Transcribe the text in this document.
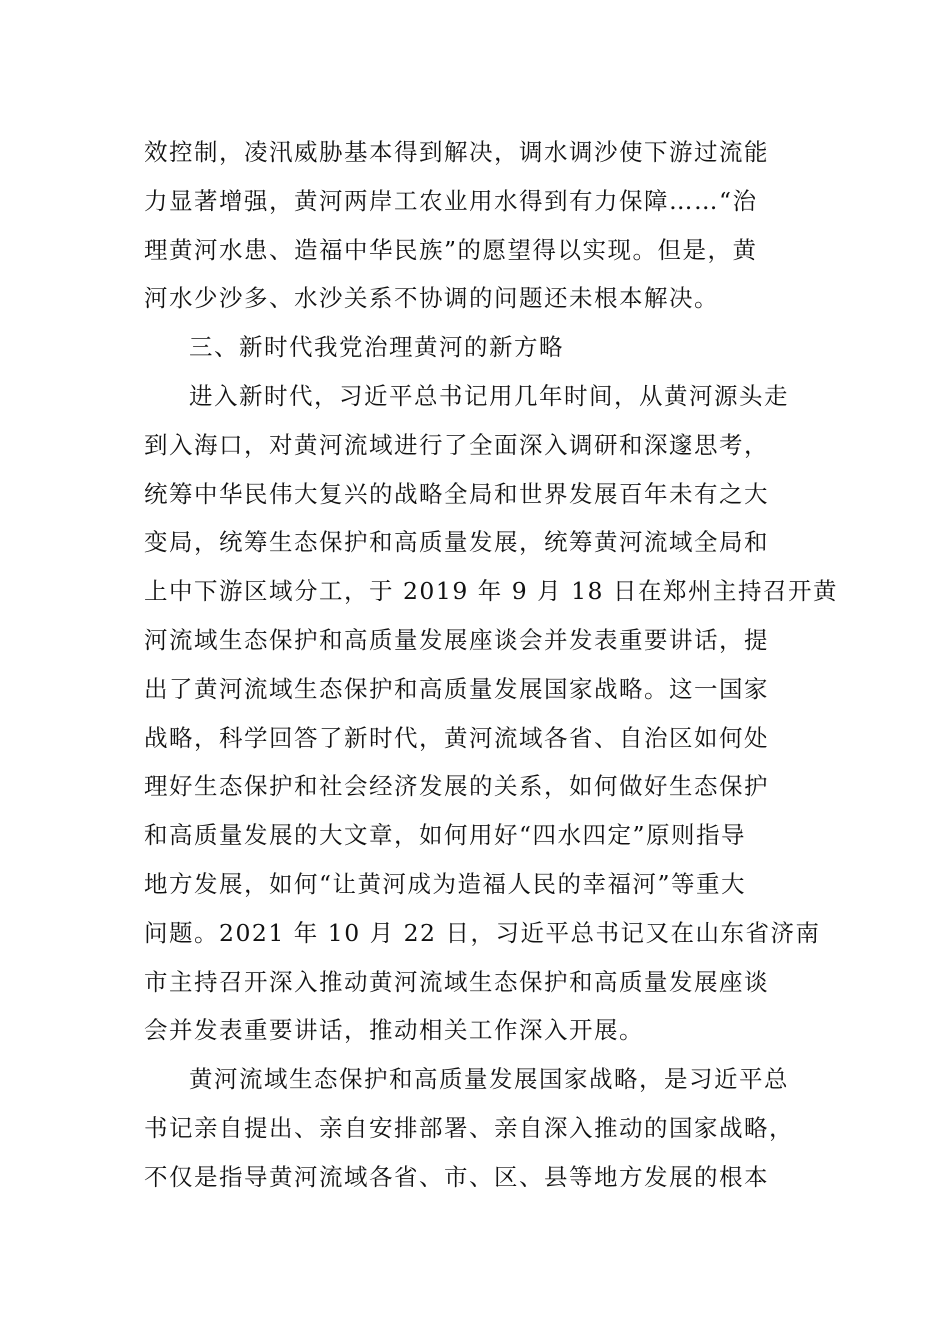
效控制，凌汛威胁基本得到解决，调水调沙使下游过流能
力显著增强，黄河两岸工农业用水得到有力保障……“治
理黄河水患、造福中华民族”的愿望得以实现。但是，黄
河水少沙多、水沙关系不协调的问题还未根本解决。
三、新时代我党治理黄河的新方略
进入新时代，习近平总书记用几年时间，从黄河源头走
到入海口，对黄河流域进行了全面深入调研和深邃思考，
统筹中华民伟大复兴的战略全局和世界发展百年未有之大
变局，统筹生态保护和高质量发展，统筹黄河流域全局和
上中下游区域分工，于 2019 年 9 月 18 日在郑州主持召开黄
河流域生态保护和高质量发展座谈会并发表重要讲话，提
出了黄河流域生态保护和高质量发展国家战略。这一国家
战略，科学回答了新时代，黄河流域各省、自治区如何处
理好生态保护和社会经济发展的关系，如何做好生态保护
和高质量发展的大文章，如何用好“四水四定”原则指导
地方发展，如何“让黄河成为造福人民的幸福河”等重大
问题。2021 年 10 月 22 日，习近平总书记又在山东省济南
市主持召开深入推动黄河流域生态保护和高质量发展座谈
会并发表重要讲话，推动相关工作深入开展。
黄河流域生态保护和高质量发展国家战略，是习近平总
书记亲自提出、亲自安排部署、亲自深入推动的国家战略，
不仅是指导黄河流域各省、市、区、县等地方发展的根本
